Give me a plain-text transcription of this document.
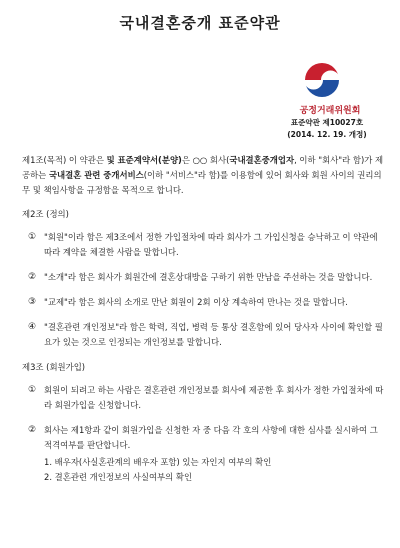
국내결혼중개 표준약관
공정거래위원회
표준약관 제10027호
(2014. 12. 19. 개정)

제1조(목적) 이 약관은 및 표준계약서(분양)은 ○○ 회사(국내결혼중개업자, 이하 "회사"라 함)가 제공하는 국내결혼 관련 중개서비스(이하 "서비스"라 함)를 이용함에 있어 회사와 회원 사이의 권리의무 및 책임사항을 규정함을 목적으로 합니다.

제2조 (정의)
① "회원"이라 함은 제3조에서 정한 가입절차에 따라 회사가 그 가입신청을 승낙하고 이 약관에 따라 계약을 체결한 사람을 말합니다.
② "소개"라 함은 회사가 회원간에 결혼상대방을 구하기 위한 만남을 주선하는 것을 말합니다.
③ "교제"라 함은 회사의 소개로 만난 회원이 2회 이상 계속하여 만나는 것을 말합니다.
④ "결혼관련 개인정보"라 함은 학력, 직업, 병력 등 통상 결혼함에 있어 당사자 사이에 확인할 필요가 있는 것으로 인정되는 개인정보를 말합니다.
제3조 (회원가입)
① 회원이 되려고 하는 사람은 결혼관련 개인정보를 회사에 제공한 후 회사가 정한 가입절차에 따라 회원가입을 신청합니다.
② 회사는 제1항과 같이 회원가입을 신청한 자 중 다음 각 호의 사항에 대한 심사를 실시하여 그 적격여부를 판단합니다.
1. 배우자(사실혼관계의 배우자 포함) 있는 자인지 여부의 확인
2. 결혼관련 개인정보의 사실여부의 확인
